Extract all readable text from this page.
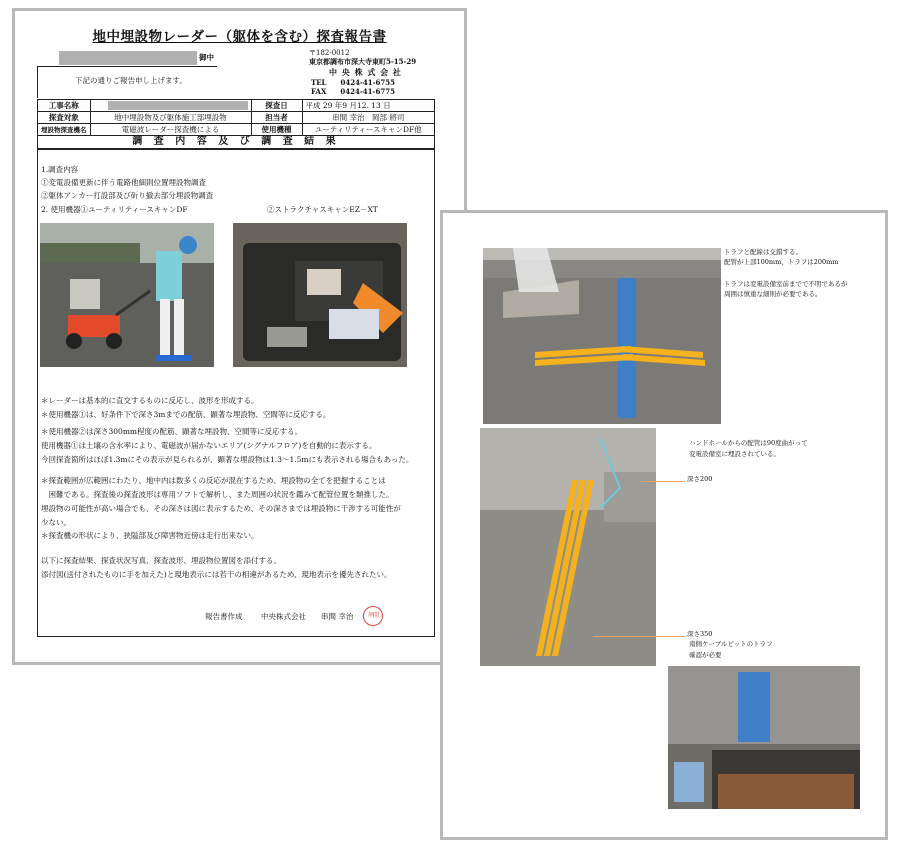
地中埋設物レーダー（躯体を含む）探査報告書
御中	〒182-0012
東京都調布市深大寺東町5-15-29
中 央 株 式 会 社
TEL　　0424-41-6755
FAX　　0424-41-6775
下記の通りご報告申し上げます。
工事名称		探査日	平成 29 年9 月12. 13 日
探査対象	地中埋設物及び躯体施工部埋設物	担当者	串間 幸治　岡部 將司
埋設物探査機名	電磁波レーダー探査機による	使用機種	ユーティリティースキャンDF他
調 査 内 容 及 び 調 査 結 果
1.調査内容
①変電設備更新に伴う電路他細則位置埋設物調査
②躯体アンカー打設部及び斫り撤去部分埋設物調査
2. 使用機器①ユーティリティースキャンDF	②ストラクチャスキャンEZ－XT
＊レーダーは基本的に直交するものに反応し、波形を形成する。
＊使用機器①は、好条件下で深さ3mまでの配筋、顕著な埋設物、空間等に反応する。
＊使用機器②は深さ300mm程度の配筋、顕著な埋設物、空間等に反応する。
使用機器①は土壌の含水率により、電磁波が届かないエリア(シグナルフロア)を自動的に表示する。
今回探査箇所はほぼ1.3mにその表示が見られるが、顕著な埋設物は1.3～1.5mにも表示される場合もあった。
＊探査範囲が広範囲にわたり、地中内は数多くの反応が混在するため、埋設物の全てを把握することは
　困難である。探査後の探査波形は専用ソフトで解析し、また周囲の状況を鑑みて配管位置を類推した。
埋設物の可能性が高い場合でも、その深さは図に表示するため、その深さまでは埋設物に干渉する可能性が
少ない。
＊探査機の形状により、狭隘部及び障害物近傍は走行出来ない。
以下に探査結果、探査状況写真、探査波形、埋設物位置図を添付する。
添付図(送付されたものに手を加えた)と現地表示には若干の相違があるため、現地表示を優先されたい。
報告書作成 中央株式会社 串間 幸治	串間
トラフと配線は交錯する。
配管が上部100mm、トラフは200mm
トラフは変電設備室前までで不明であるが
周囲は慎重な細則が必要である。
ハンドホールからの配管は90度曲がって
変電設備室に埋設されている。
深さ200
深さ350
南側ケーブルピットのトラフ
確認が必要
